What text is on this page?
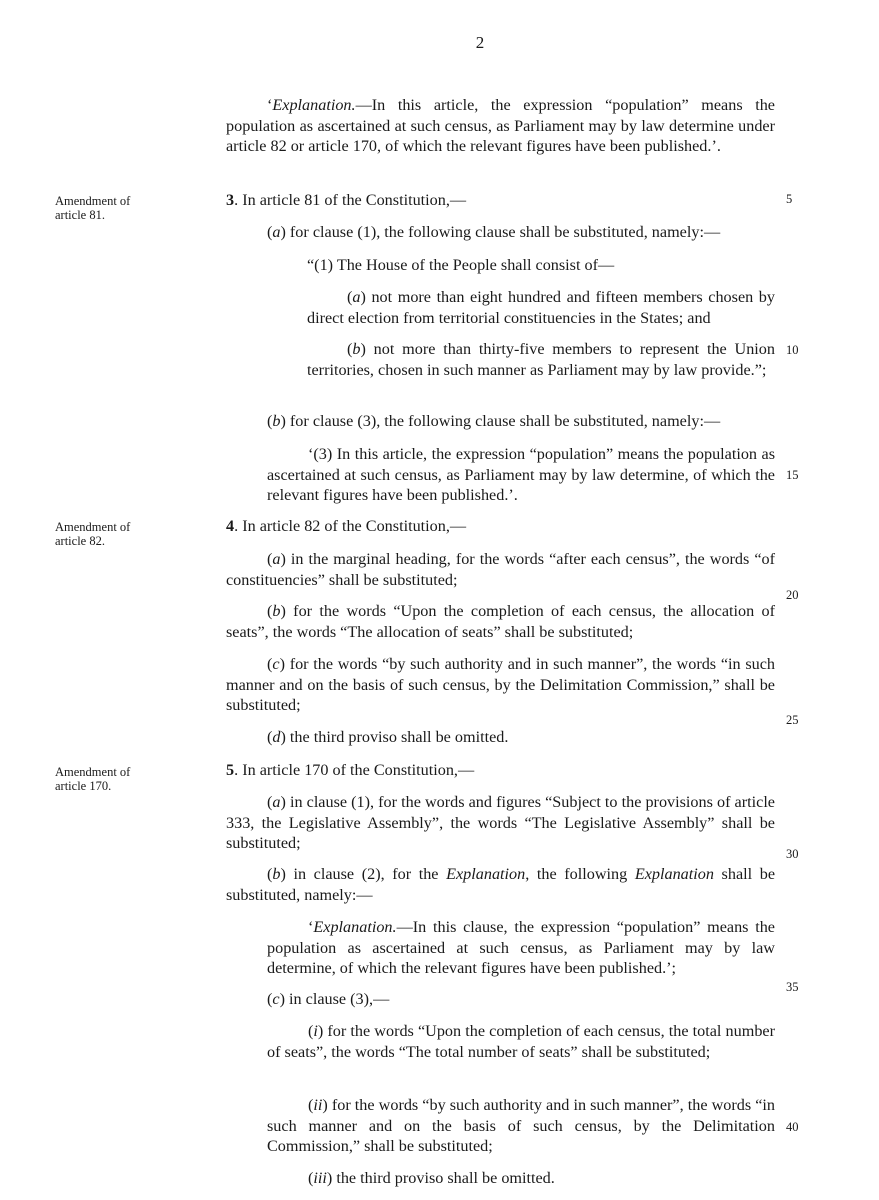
2
Amendment of
article 81.
Amendment of
article 82.
Amendment of
article 170.
5
10
15
20
25
30
35
40
‘Explanation.—In this article, the expression “population” means the population as ascertained at such census, as Parliament may by law determine under article 82 or article 170, of which the relevant figures have been published.’.
3. In article 81 of the Constitution,—
(a) for clause (1), the following clause shall be substituted, namely:—
“(1) The House of the People shall consist of—
(a) not more than eight hundred and fifteen members chosen by direct election from territorial constituencies in the States; and
(b) not more than thirty-five members to represent the Union territories, chosen in such manner as Parliament may by law provide.”;
(b) for clause (3), the following clause shall be substituted, namely:—
‘(3) In this article, the expression “population” means the population as ascertained at such census, as Parliament may by law determine, of which the relevant figures have been published.’.
4. In article 82 of the Constitution,—
(a) in the marginal heading, for the words “after each census”, the words “of constituencies” shall be substituted;
(b) for the words “Upon the completion of each census, the allocation of seats”, the words “The allocation of seats” shall be substituted;
(c) for the words “by such authority and in such manner”, the words “in such manner and on the basis of such census, by the Delimitation Commission,” shall be substituted;
(d) the third proviso shall be omitted.
5. In article 170 of the Constitution,—
(a) in clause (1), for the words and figures “Subject to the provisions of article 333, the Legislative Assembly”, the words “The Legislative Assembly” shall be substituted;
(b) in clause (2), for the Explanation, the following Explanation shall be substituted, namely:—
‘Explanation.—In this clause, the expression “population” means the population as ascertained at such census, as Parliament may by law determine, of which the relevant figures have been published.’;
(c) in clause (3),—
(i) for the words “Upon the completion of each census, the total number of seats”, the words “The total number of seats” shall be substituted;
(ii) for the words “by such authority and in such manner”, the words “in such manner and on the basis of such census, by the Delimitation Commission,” shall be substituted;
(iii) the third proviso shall be omitted.
